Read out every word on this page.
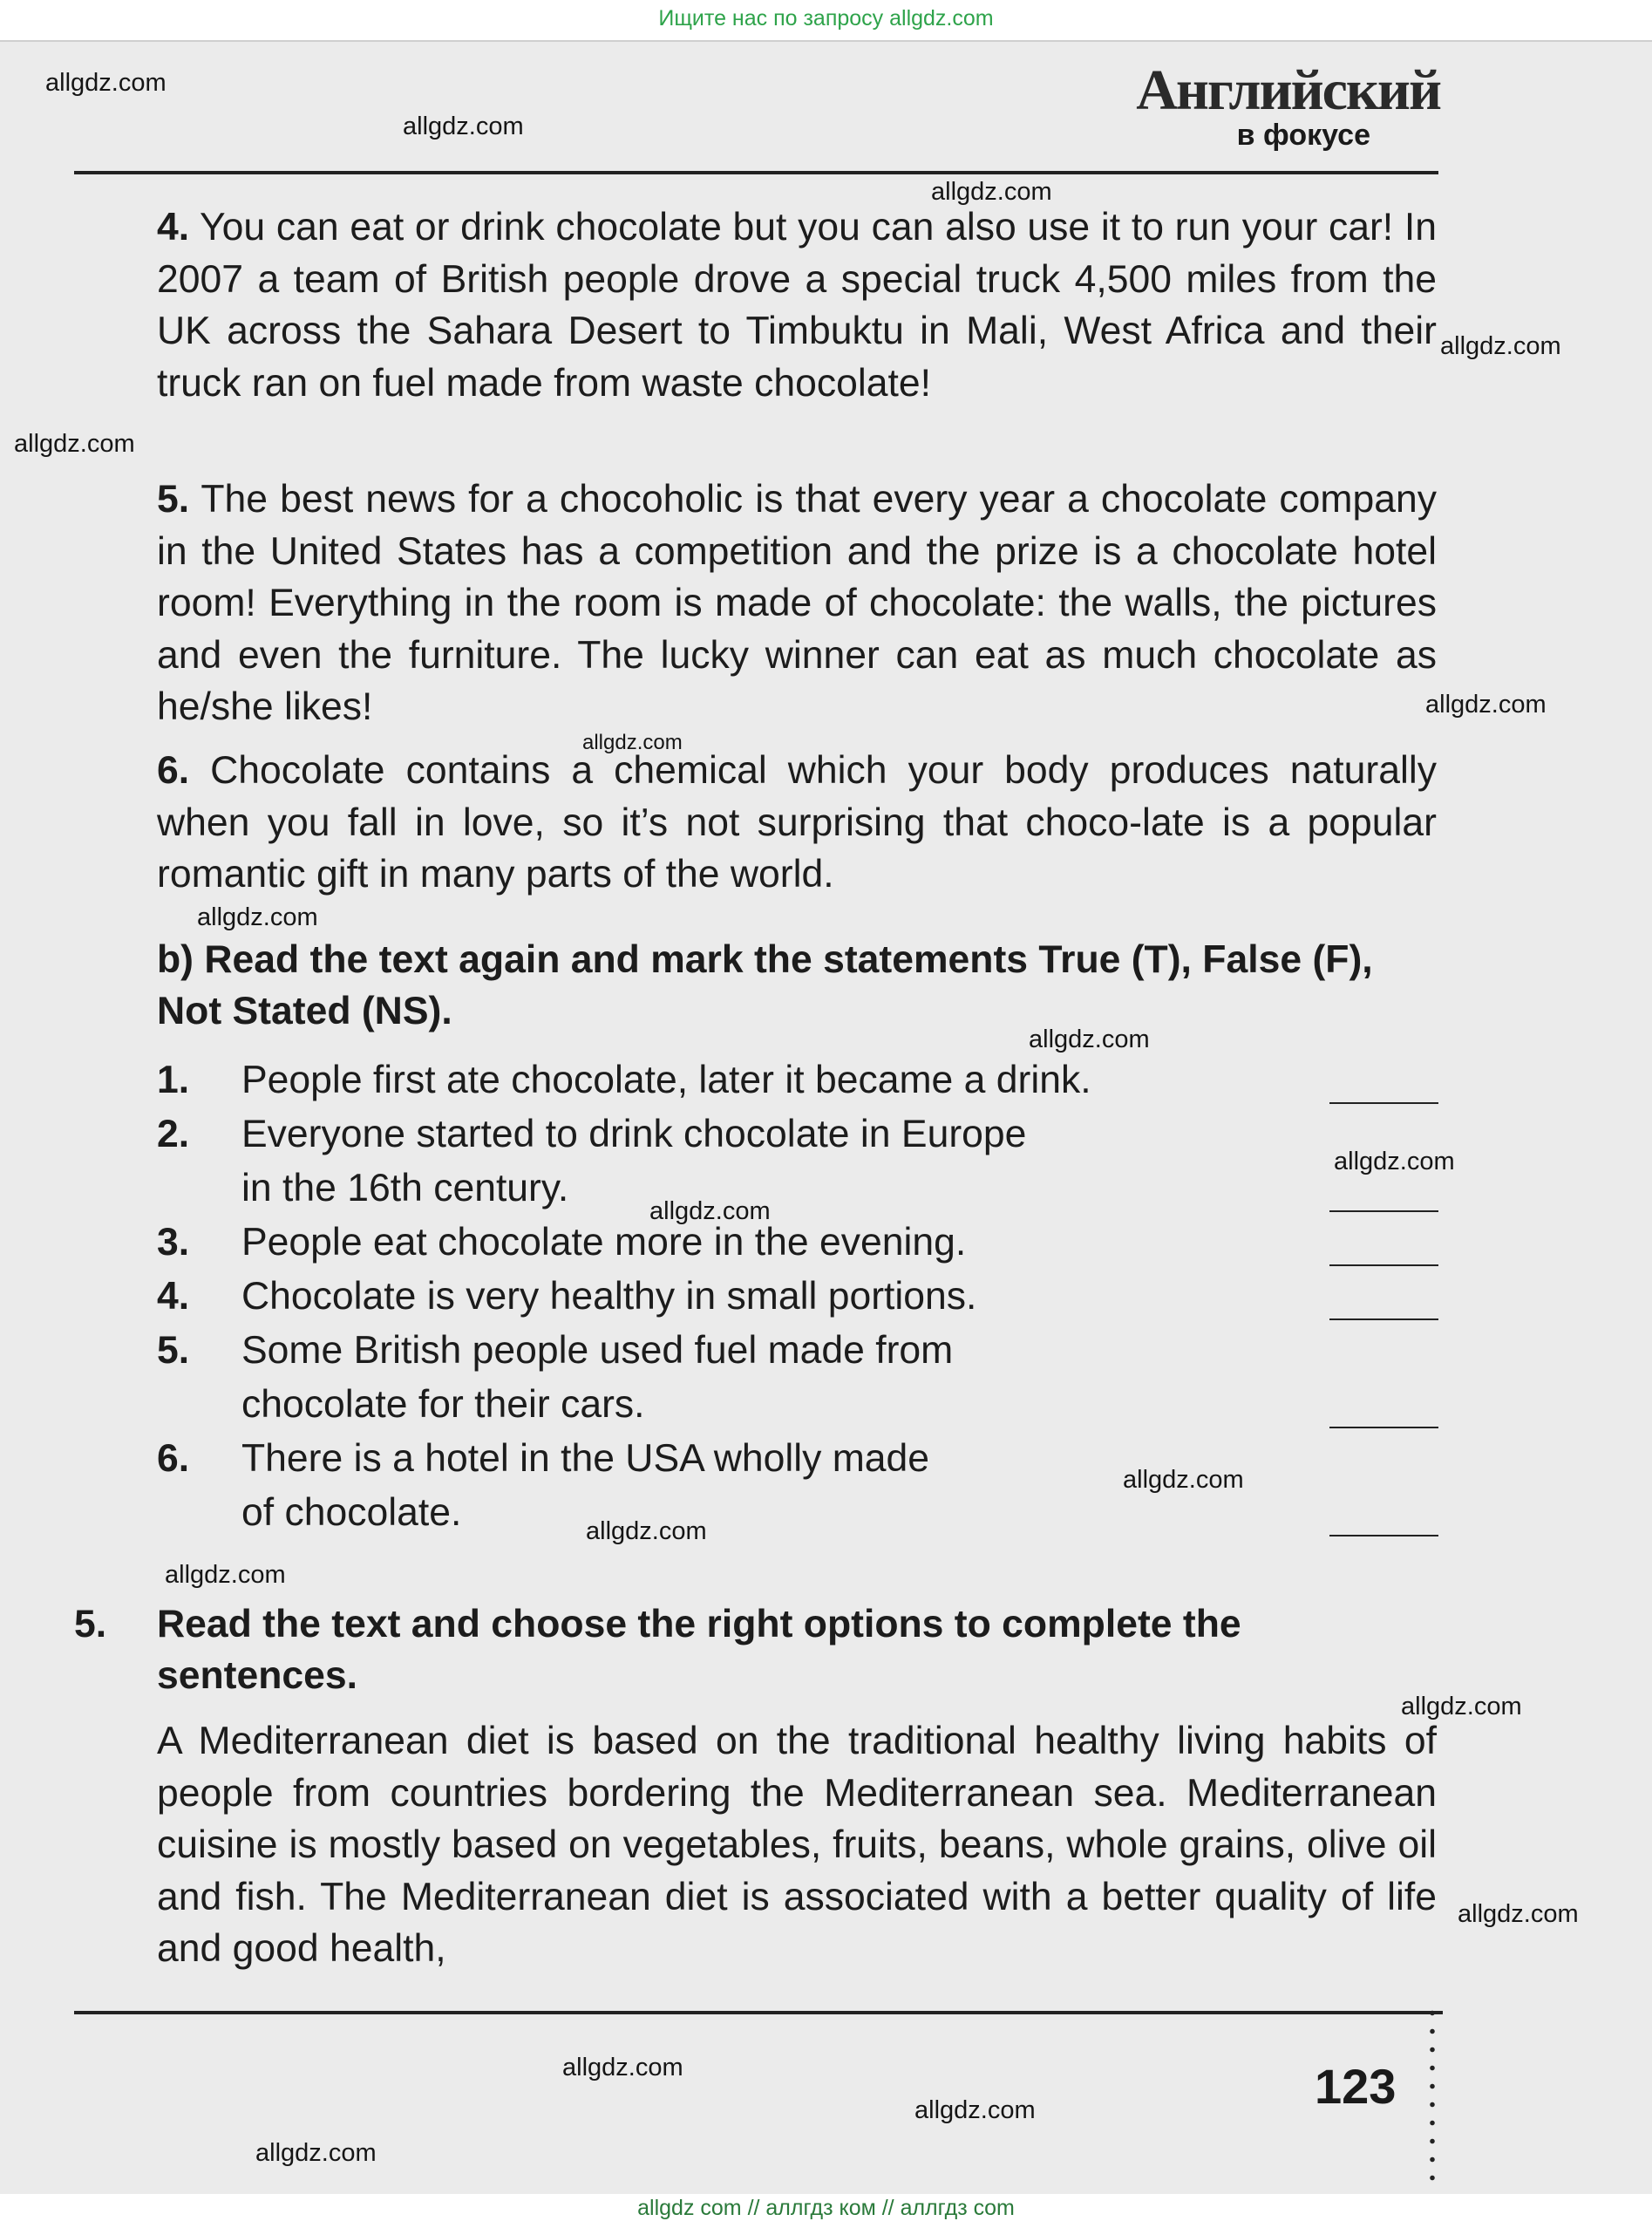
Ищите нас по запросу allgdz.com
Английский
в фокусе
4. You can eat or drink chocolate but you can also use it to run your car! In 2007 a team of British people drove a special truck 4,500 miles from the UK across the Sahara Desert to Timbuktu in Mali, West Africa and their truck ran on fuel made from waste chocolate!
5. The best news for a chocoholic is that every year a chocolate company in the United States has a competition and the prize is a chocolate hotel room! Everything in the room is made of chocolate: the walls, the pictures and even the furniture. The lucky winner can eat as much chocolate as he/she likes!
6. Chocolate contains a chemical which your body produces naturally when you fall in love, so it’s not surprising that choco-late is a popular romantic gift in many parts of the world.
b) Read the text again and mark the statements True (T), False (F), Not Stated (NS).
1. People first ate chocolate, later it became a drink.
2. Everyone started to drink chocolate in Europe
in the 16th century.
3. People eat chocolate more in the evening.
4. Chocolate is very healthy in small portions.
5. Some British people used fuel made from
chocolate for their cars.
6. There is a hotel in the USA wholly made
of chocolate.
5. Read the text and choose the right options to complete the sentences.
A Mediterranean diet is based on the traditional healthy living habits of people from countries bordering the Mediterranean sea. Mediterranean cuisine is mostly based on vegetables, fruits, beans, whole grains, olive oil and fish. The Mediterranean diet is associated with a better quality of life and good health,
123
allgdz.com
allgdz.com
allgdz.com
allgdz.com
allgdz.com
allgdz.com
allgdz.com
allgdz.com
allgdz.com
allgdz.com
allgdz.com
allgdz.com
allgdz.com
allgdz.com
allgdz.com
allgdz.com
allgdz.com
allgdz.com
allgdz.com
allgdz com // аллгдз ком // аллгдз com
